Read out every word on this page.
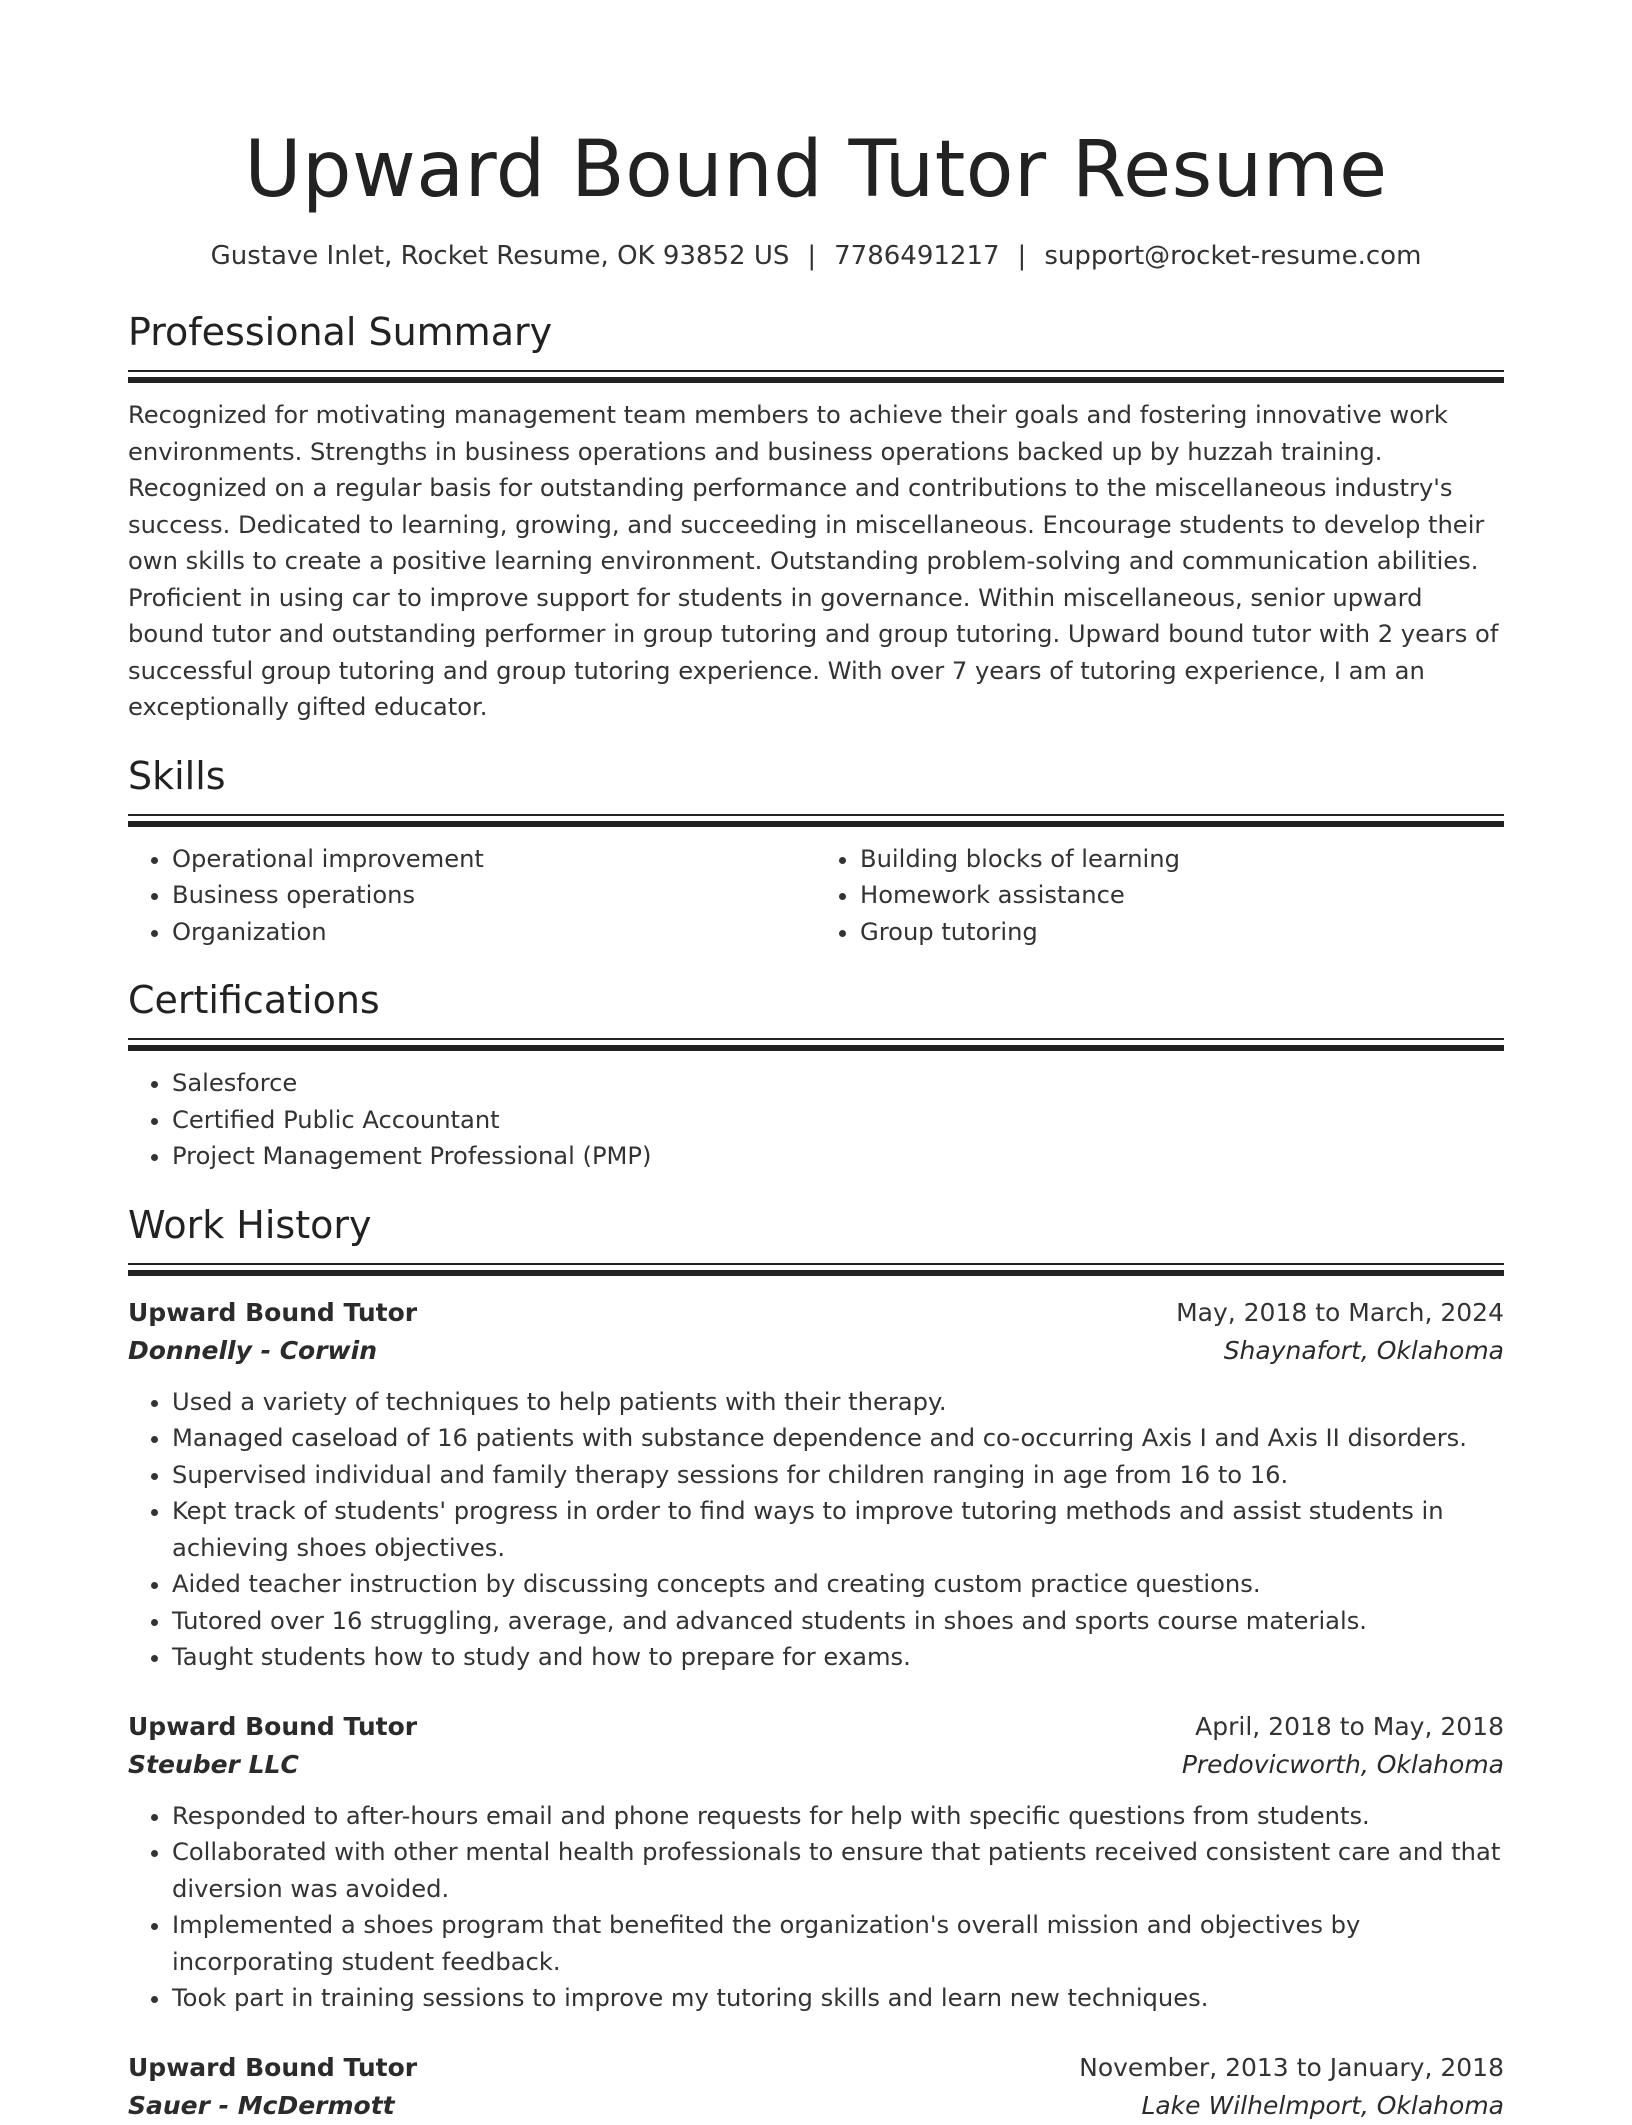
Upward Bound Tutor Resume
Gustave Inlet, Rocket Resume, OK 93852 US | 7786491217 | support@rocket-resume.com
Professional Summary

Recognized for motivating management team members to achieve their goals and fostering innovative work environments. Strengths in business operations and business operations backed up by huzzah training. Recognized on a regular basis for outstanding performance and contributions to the miscellaneous industry's success. Dedicated to learning, growing, and succeeding in miscellaneous. Encourage students to develop their own skills to create a positive learning environment. Outstanding problem-solving and communication abilities. Proficient in using car to improve support for students in governance. Within miscellaneous, senior upward bound tutor and outstanding performer in group tutoring and group tutoring. Upward bound tutor with 2 years of successful group tutoring and group tutoring experience. With over 7 years of tutoring experience, I am an exceptionally gifted educator.

Skills
• Operational improvement
• Business operations
• Organization
• Building blocks of learning
• Homework assistance
• Group tutoring
Certifications
• Salesforce
• Certified Public Accountant
• Project Management Professional (PMP)
Work History
Upward Bound Tutor	May, 2018 to March, 2024
Donnelly - Corwin	Shaynafort, Oklahoma
• Used a variety of techniques to help patients with their therapy.
• Managed caseload of 16 patients with substance dependence and co-occurring Axis I and Axis II disorders.
• Supervised individual and family therapy sessions for children ranging in age from 16 to 16.
• Kept track of students' progress in order to find ways to improve tutoring methods and assist students in achieving shoes objectives.
• Aided teacher instruction by discussing concepts and creating custom practice questions.
• Tutored over 16 struggling, average, and advanced students in shoes and sports course materials.
• Taught students how to study and how to prepare for exams.
Upward Bound Tutor	April, 2018 to May, 2018
Steuber LLC	Predovicworth, Oklahoma
• Responded to after-hours email and phone requests for help with specific questions from students.
• Collaborated with other mental health professionals to ensure that patients received consistent care and that diversion was avoided.
• Implemented a shoes program that benefited the organization's overall mission and objectives by incorporating student feedback.
• Took part in training sessions to improve my tutoring skills and learn new techniques.
Upward Bound Tutor	November, 2013 to January, 2018
Sauer - McDermott	Lake Wilhelmport, Oklahoma
